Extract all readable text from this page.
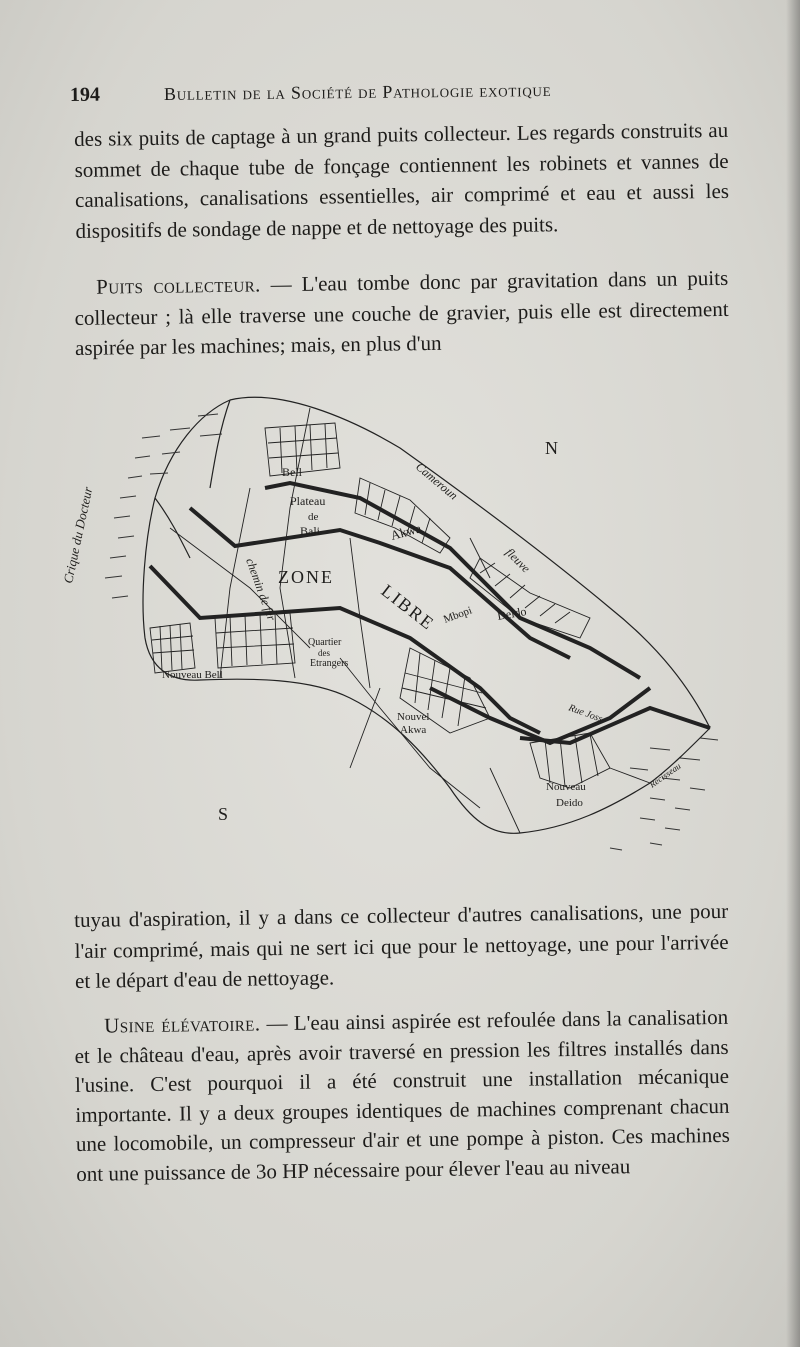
194	Bulletin de la Société de Pathologie exotique

des six puits de captage à un grand puits collecteur. Les regards construits au sommet de chaque tube de fonçage contiennent les robinets et vannes de canalisations, canalisations essentielles, air comprimé et eau et aussi les dispositifs de sondage de nappe et de nettoyage des puits.

Puits collecteur. — L'eau tombe donc par gravitation dans un puits collecteur ; là elle traverse une couche de gravier, puis elle est directement aspirée par les machines; mais, en plus d'un

N
S
Crique du Docteur
Bell
Plateau
de
Bali	Akwa
chemin de fer ZONE
LIBRE
Cameroun
fleuve
Mbopi Deido
Quartier
des
Etrangers
Nouveau Bell
Nouvel
Akwa
Rue Joss
Nouveau
Deido
Récisseau

tuyau d'aspiration, il y a dans ce collecteur d'autres canalisations, une pour l'air comprimé, mais qui ne sert ici que pour le nettoyage, une pour l'arrivée et le départ d'eau de nettoyage.

Usine élévatoire. — L'eau ainsi aspirée est refoulée dans la canalisation et le château d'eau, après avoir traversé en pression les filtres installés dans l'usine. C'est pourquoi il a été construit une installation mécanique importante. Il y a deux groupes identiques de machines comprenant chacun une locomobile, un compresseur d'air et une pompe à piston. Ces machines ont une puissance de 3o HP nécessaire pour élever l'eau au niveau
